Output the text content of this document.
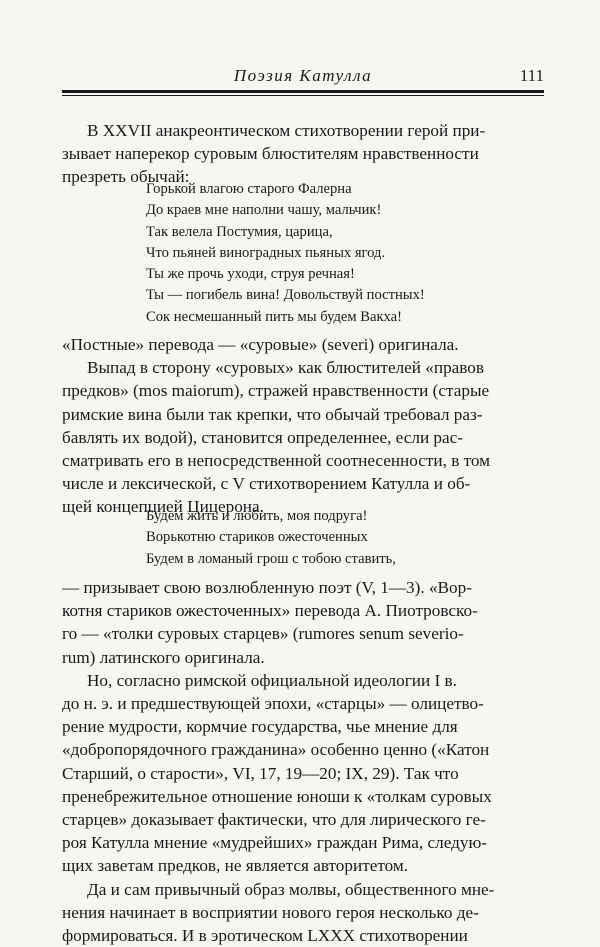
Поэзия Катулла	111
В XXVII анакреонтическом стихотворении герой при-
зывает наперекор суровым блюстителям нравственности
презреть обычай:
Горькой влагою старого Фалерна
До краев мне наполни чашу, мальчик!
Так велела Постумия, царица,
Что пьяней виноградных пьяных ягод.
Ты же прочь уходи, струя речная!
Ты — погибель вина! Довольствуй постных!
Сок несмешанный пить мы будем Вакха!
«Постные» перевода — «суровые» (severi) оригинала.
Выпад в сторону «суровых» как блюстителей «правов
предков» (mos maiorum), стражей нравственности (старые
римские вина были так крепки, что обычай требовал раз-
бавлять их водой), становится определеннее, если рас-
сматривать его в непосредственной соотнесенности, в том
числе и лексической, с V стихотворением Катулла и об-
щей концепцией Цицерона.
Будем жить и любить, моя подруга!
Ворькотню стариков ожесточенных
Будем в ломаный грош с тобою ставить,
— призывает свою возлюбленную поэт (V, 1—3). «Вор-
котня стариков ожесточенных» перевода А. Пиотровско-
го — «толки суровых старцев» (rumores senum severio-
rum) латинского оригинала.
Но, согласно римской официальной идеологии I в.
до н. э. и предшествующей эпохи, «старцы» — олицетво-
рение мудрости, кормчие государства, чье мнение для
«добропорядочного гражданина» особенно ценно («Катон
Старший, о старости», VI, 17, 19—20; IX, 29). Так что
пренебрежительное отношение юноши к «толкам суровых
старцев» доказывает фактически, что для лирического ге-
роя Катулла мнение «мудрейших» граждан Рима, следую-
щих заветам предков, не является авторитетом.
Да и сам привычный образ молвы, общественного мне-
нения начинает в восприятии нового героя несколько де-
формироваться. И в эротическом LXXX стихотворении
